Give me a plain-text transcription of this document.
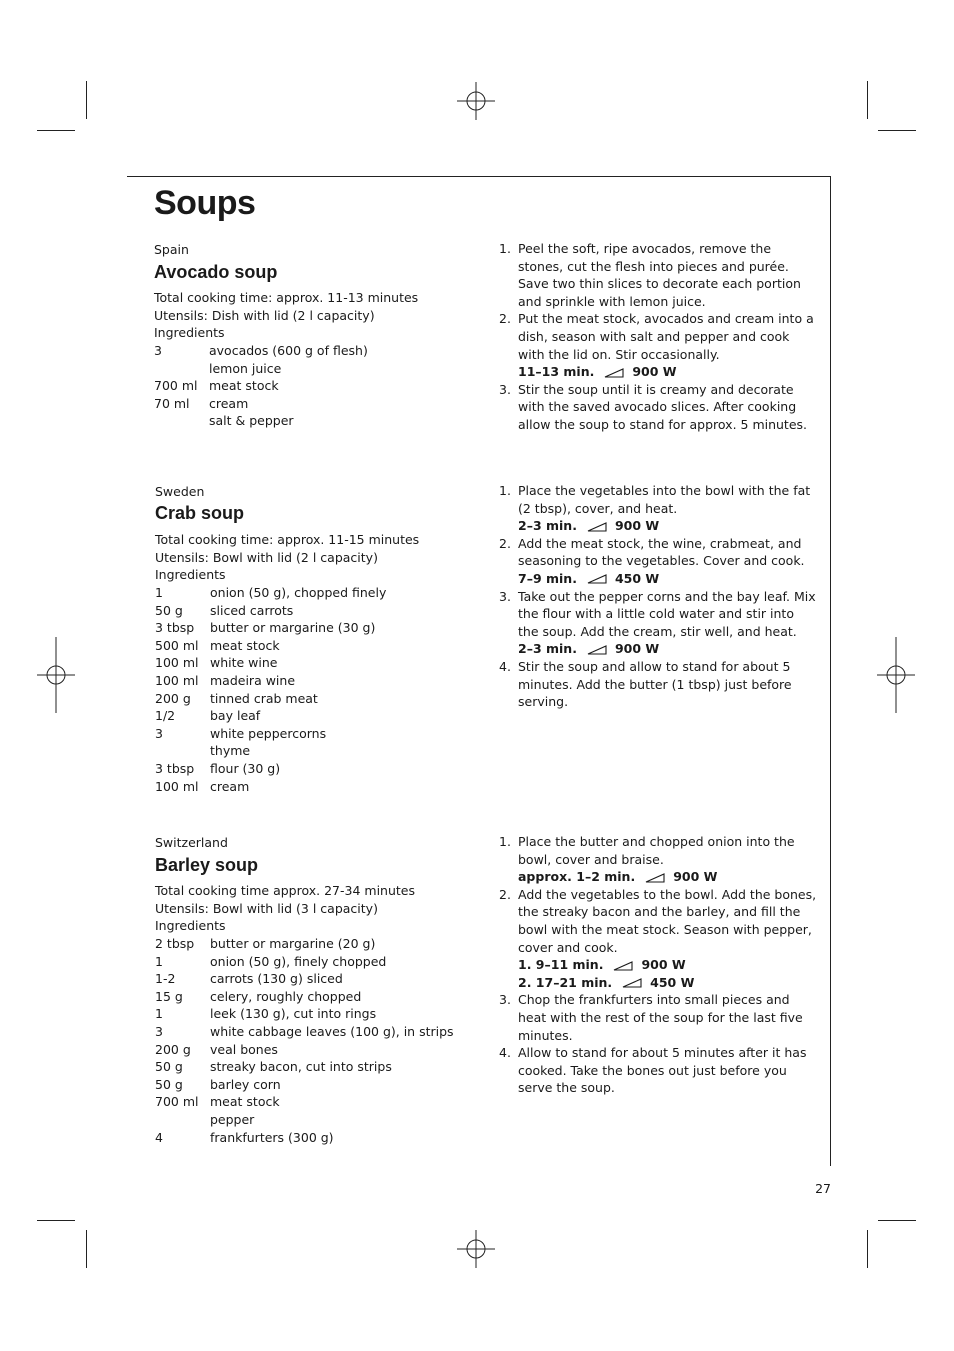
Soups
Spain
Avocado soup
Total cooking time: approx. 11-13 minutes
Utensils: Dish with lid (2 l capacity)
Ingredients
3	avocados (600 g of flesh)
lemon juice
700 ml meat stock
70 ml	cream
salt & pepper
1. Peel the soft, ripe avocados, remove the stones, cut the flesh into pieces and purée. Save two thin slices to decorate each portion and sprinkle with lemon juice.
2. Put the meat stock, avocados and cream into a dish, season with salt and pepper and cook with the lid on. Stir occasionally.
11–13 min.	900 W
3. Stir the soup until it is creamy and decorate with the saved avocado slices. After cooking allow the soup to stand for approx. 5 minutes.
Sweden
Crab soup
Total cooking time: approx. 11-15 minutes
Utensils: Bowl with lid (2 l capacity)
Ingredients
1	onion (50 g), chopped finely
50 g	sliced carrots
3 tbsp	butter or margarine (30 g)
500 ml meat stock
100 ml white wine
100 ml madeira wine
200 g	tinned crab meat
1/2	bay leaf
3	white peppercorns
thyme
3 tbsp	flour (30 g)
100 ml cream
1. Place the vegetables into the bowl with the fat (2 tbsp), cover, and heat.
2–3 min.	900 W
2. Add the meat stock, the wine, crabmeat, and seasoning to the vegetables. Cover and cook.
7–9 min.	450 W
3. Take out the pepper corns and the bay leaf. Mix the flour with a little cold water and stir into the soup. Add the cream, stir well, and heat.
2–3 min.	900 W
4. Stir the soup and allow to stand for about 5 minutes. Add the butter (1 tbsp) just before serving.
Switzerland
Barley soup
Total cooking time approx. 27-34 minutes
Utensils: Bowl with lid (3 l capacity)
Ingredients
2 tbsp	butter or margarine (20 g)
1	onion (50 g), finely chopped
1-2	carrots (130 g) sliced
15 g	celery, roughly chopped
1	leek (130 g), cut into rings
3	white cabbage leaves (100 g), in strips
200 g	veal bones
50 g	streaky bacon, cut into strips
50 g	barley corn
700 ml meat stock
pepper
4	frankfurters (300 g)
1. Place the butter and chopped onion into the bowl, cover and braise.
approx. 1–2 min.	900 W
2. Add the vegetables to the bowl. Add the bones, the streaky bacon and the barley, and fill the bowl with the meat stock. Season with pepper, cover and cook.
1. 9–11 min.	900 W
2. 17–21 min.	450 W
3. Chop the frankfurters into small pieces and heat with the rest of the soup for the last five minutes.
4. Allow to stand for about 5 minutes after it has cooked. Take the bones out just before you serve the soup.
27
